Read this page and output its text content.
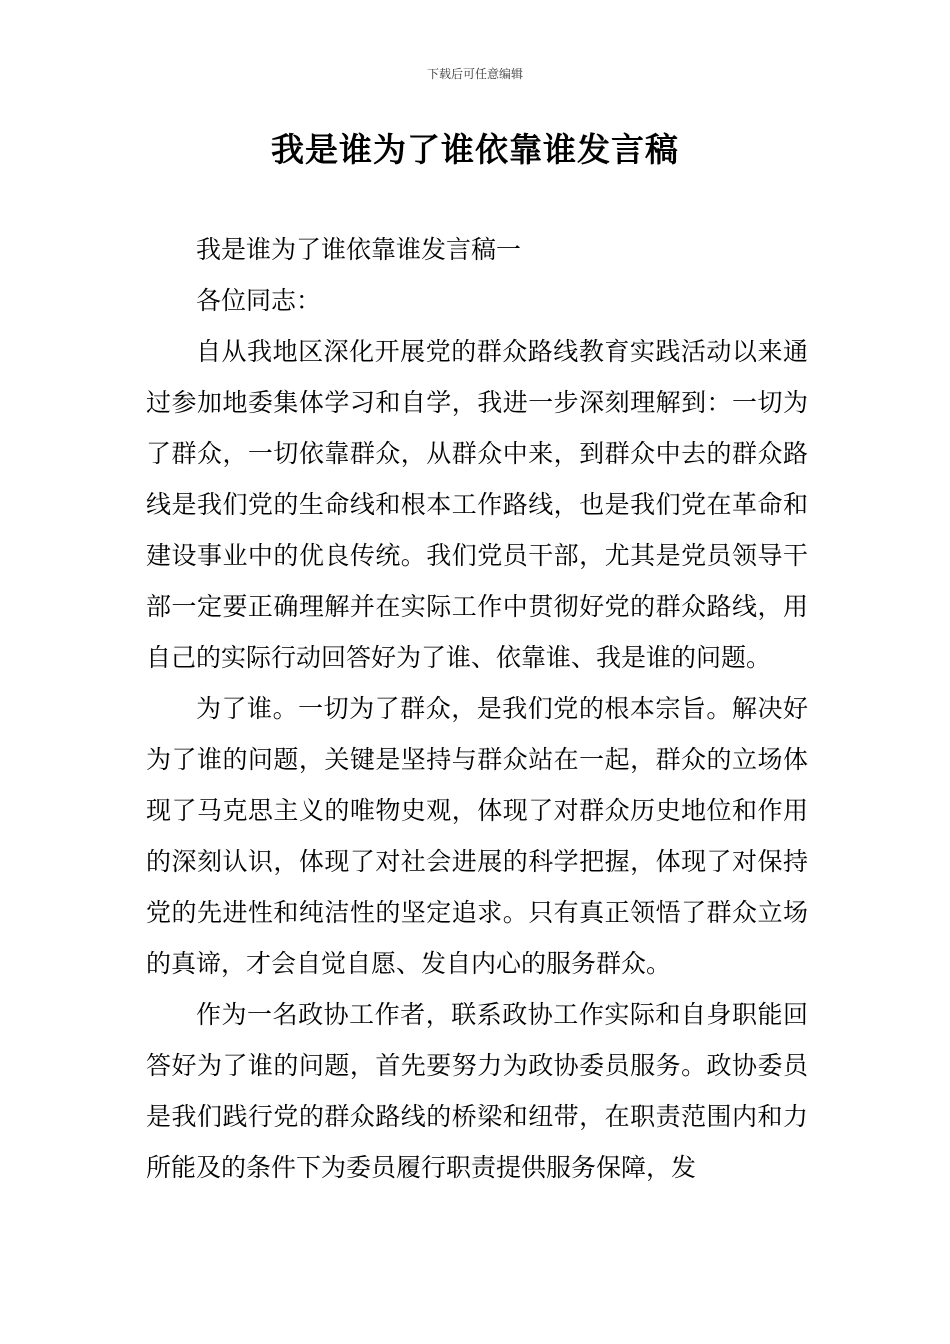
下载后可任意编辑
我是谁为了谁依靠谁发言稿

我是谁为了谁依靠谁发言稿一

各位同志：

自从我地区深化开展党的群众路线教育实践活动以来通过参加地委集体学习和自学，我进一步深刻理解到：一切为了群众，一切依靠群众，从群众中来，到群众中去的群众路线是我们党的生命线和根本工作路线，也是我们党在革命和建设事业中的优良传统。我们党员干部，尤其是党员领导干部一定要正确理解并在实际工作中贯彻好党的群众路线，用自己的实际行动回答好为了谁、依靠谁、我是谁的问题。

为了谁。一切为了群众，是我们党的根本宗旨。解决好为了谁的问题，关键是坚持与群众站在一起，群众的立场体现了马克思主义的唯物史观，体现了对群众历史地位和作用的深刻认识，体现了对社会进展的科学把握，体现了对保持党的先进性和纯洁性的坚定追求。只有真正领悟了群众立场的真谛，才会自觉自愿、发自内心的服务群众。

作为一名政协工作者，联系政协工作实际和自身职能回答好为了谁的问题，首先要努力为政协委员服务。政协委员是我们践行党的群众路线的桥梁和纽带，在职责范围内和力所能及的条件下为委员履行职责提供服务保障，发
